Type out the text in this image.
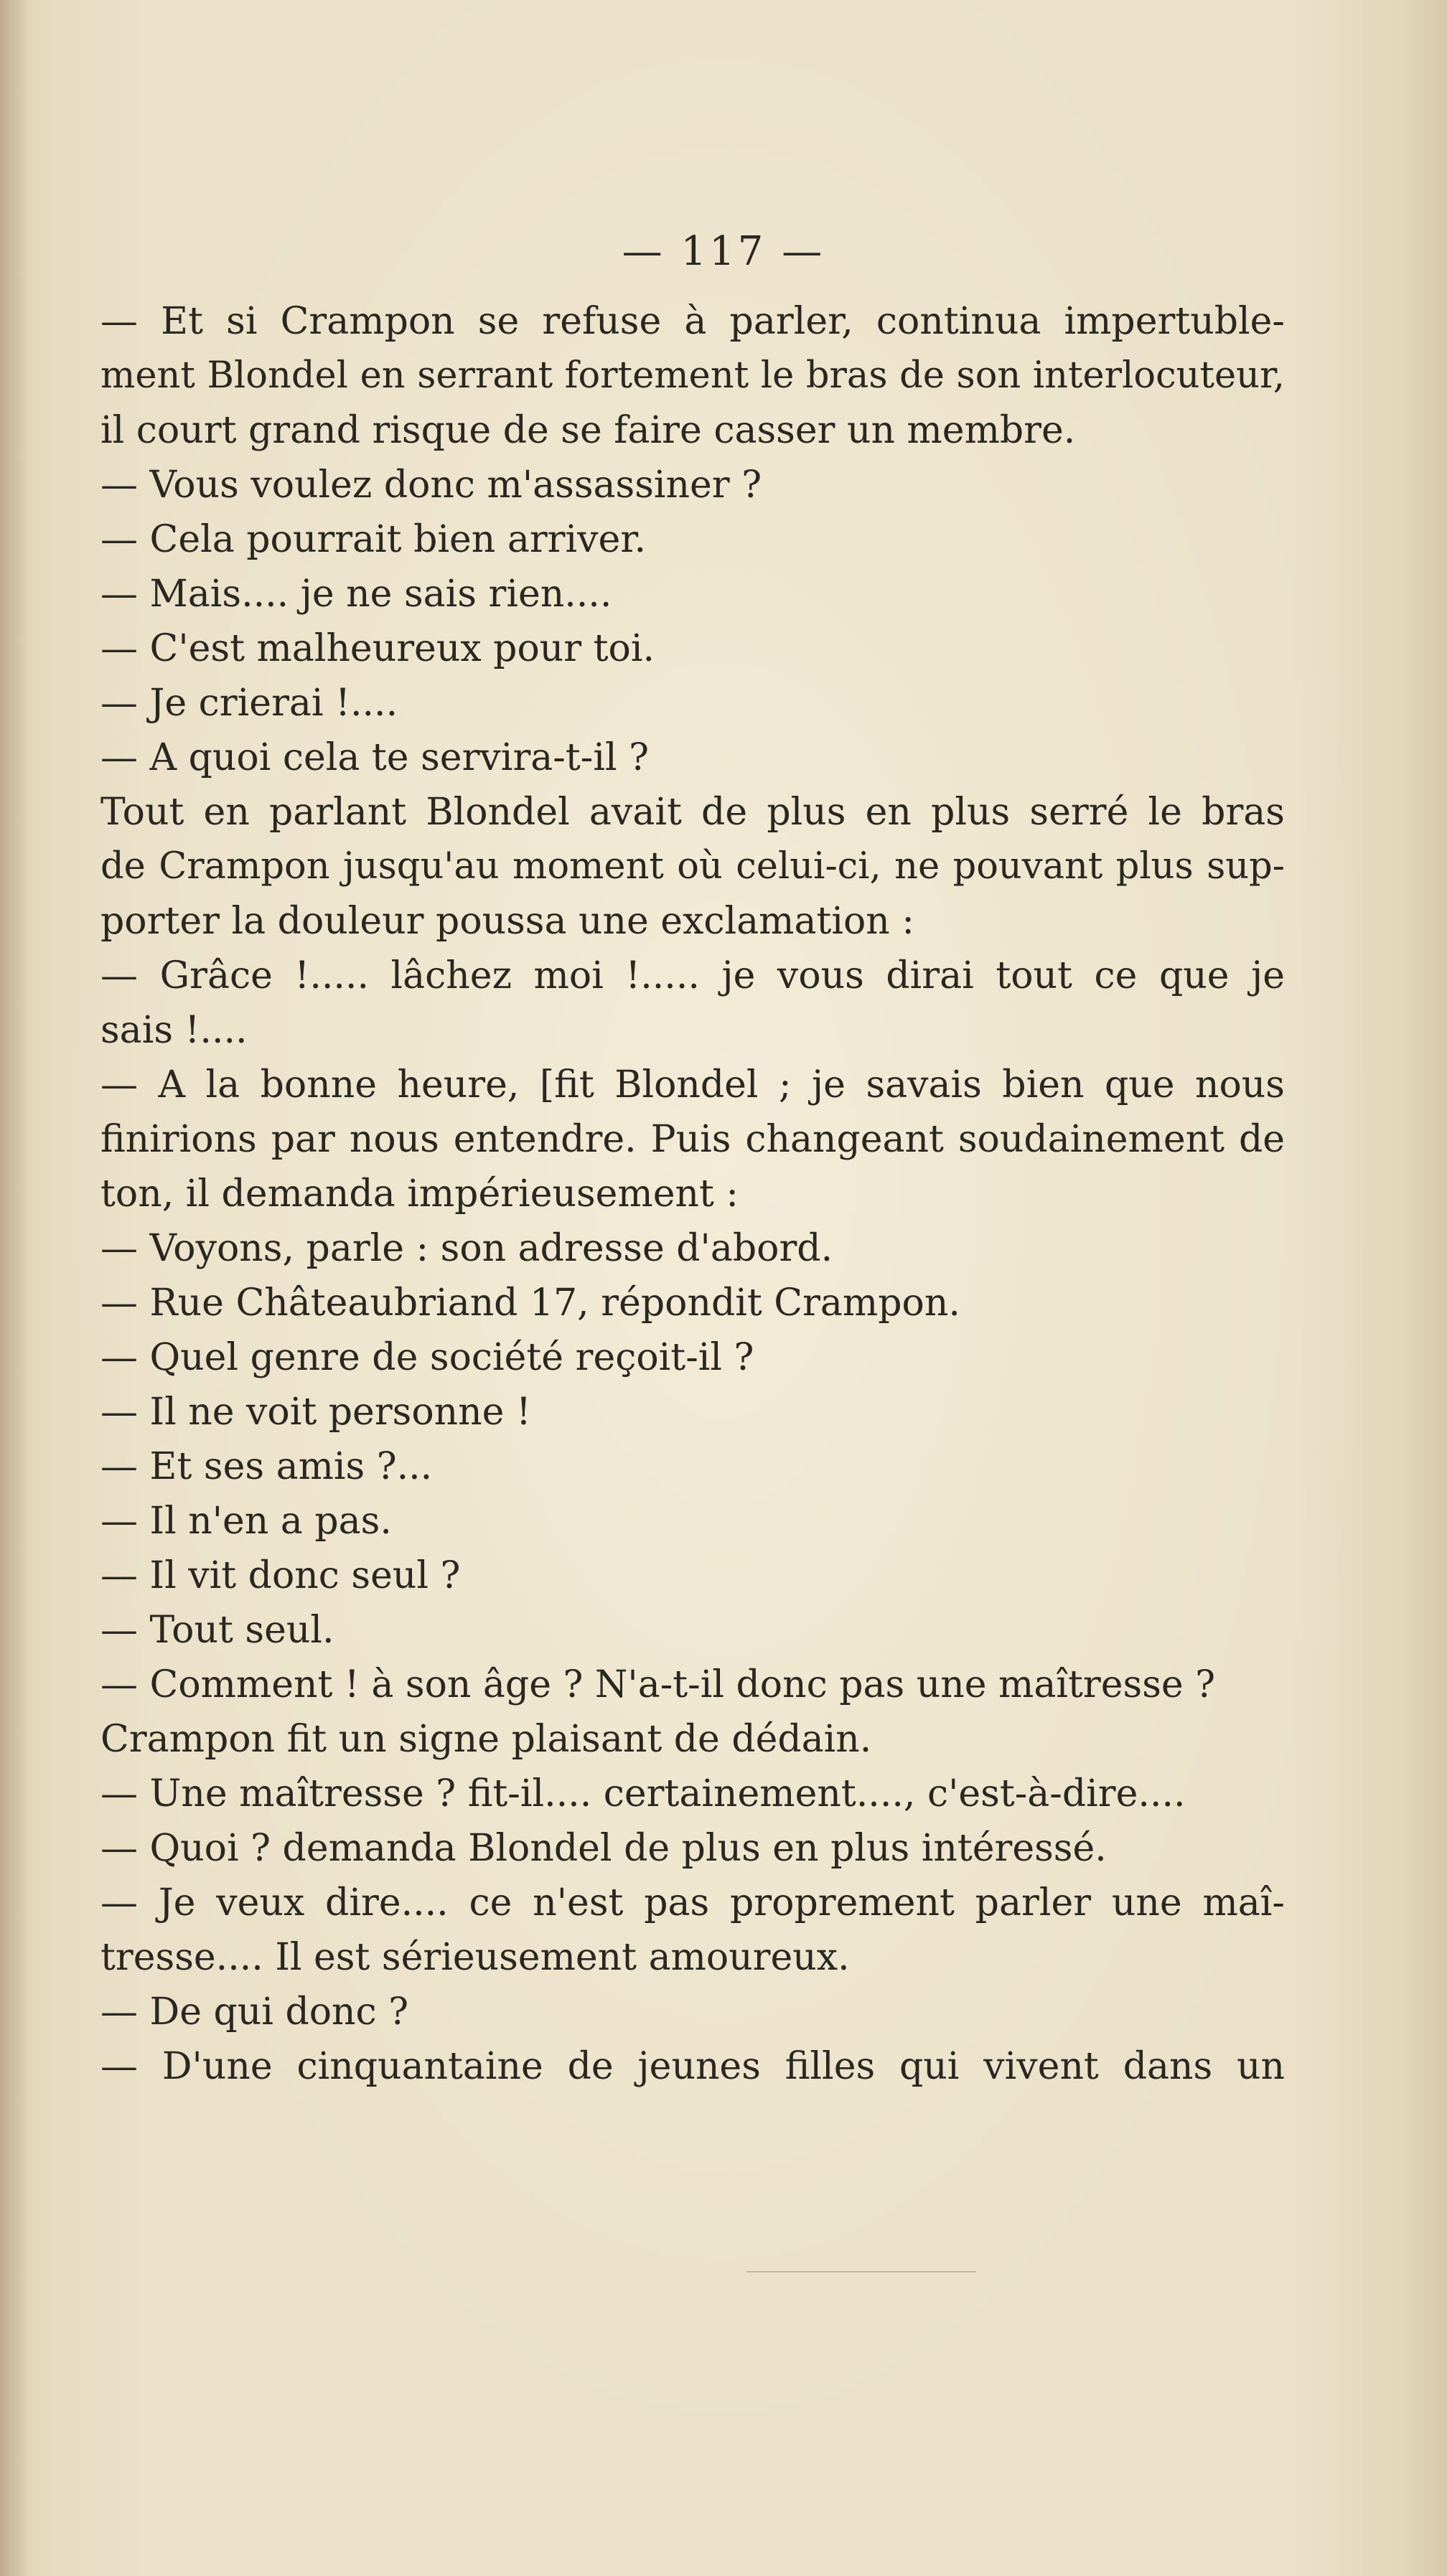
— 117 —
— Et si Crampon se refuse à parler, continua impertuble-
ment Blondel en serrant fortement le bras de son interlocuteur,
il court grand risque de se faire casser un membre.
— Vous voulez donc m'assassiner ?
— Cela pourrait bien arriver.
— Mais.... je ne sais rien....
— C'est malheureux pour toi.
— Je crierai !....
— A quoi cela te servira-t-il ?
Tout en parlant Blondel avait de plus en plus serré le bras
de Crampon jusqu'au moment où celui-ci, ne pouvant plus sup-
porter la douleur poussa une exclamation :
— Grâce !..... lâchez moi !..... je vous dirai tout ce que je
sais !....
— A la bonne heure, [fit Blondel ; je savais bien que nous
finirions par nous entendre. Puis changeant soudainement de
ton, il demanda impérieusement :
— Voyons, parle : son adresse d'abord.
— Rue Châteaubriand 17, répondit Crampon.
— Quel genre de société reçoit-il ?
— Il ne voit personne !
— Et ses amis ?...
— Il n'en a pas.
— Il vit donc seul ?
— Tout seul.
— Comment ! à son âge ? N'a-t-il donc pas une maîtresse ?
Crampon fit un signe plaisant de dédain.
— Une maîtresse ? fit-il.... certainement...., c'est-à-dire....
— Quoi ? demanda Blondel de plus en plus intéressé.
— Je veux dire.... ce n'est pas proprement parler une maî-
tresse.... Il est sérieusement amoureux.
— De qui donc ?
— D'une cinquantaine de jeunes filles qui vivent dans un
